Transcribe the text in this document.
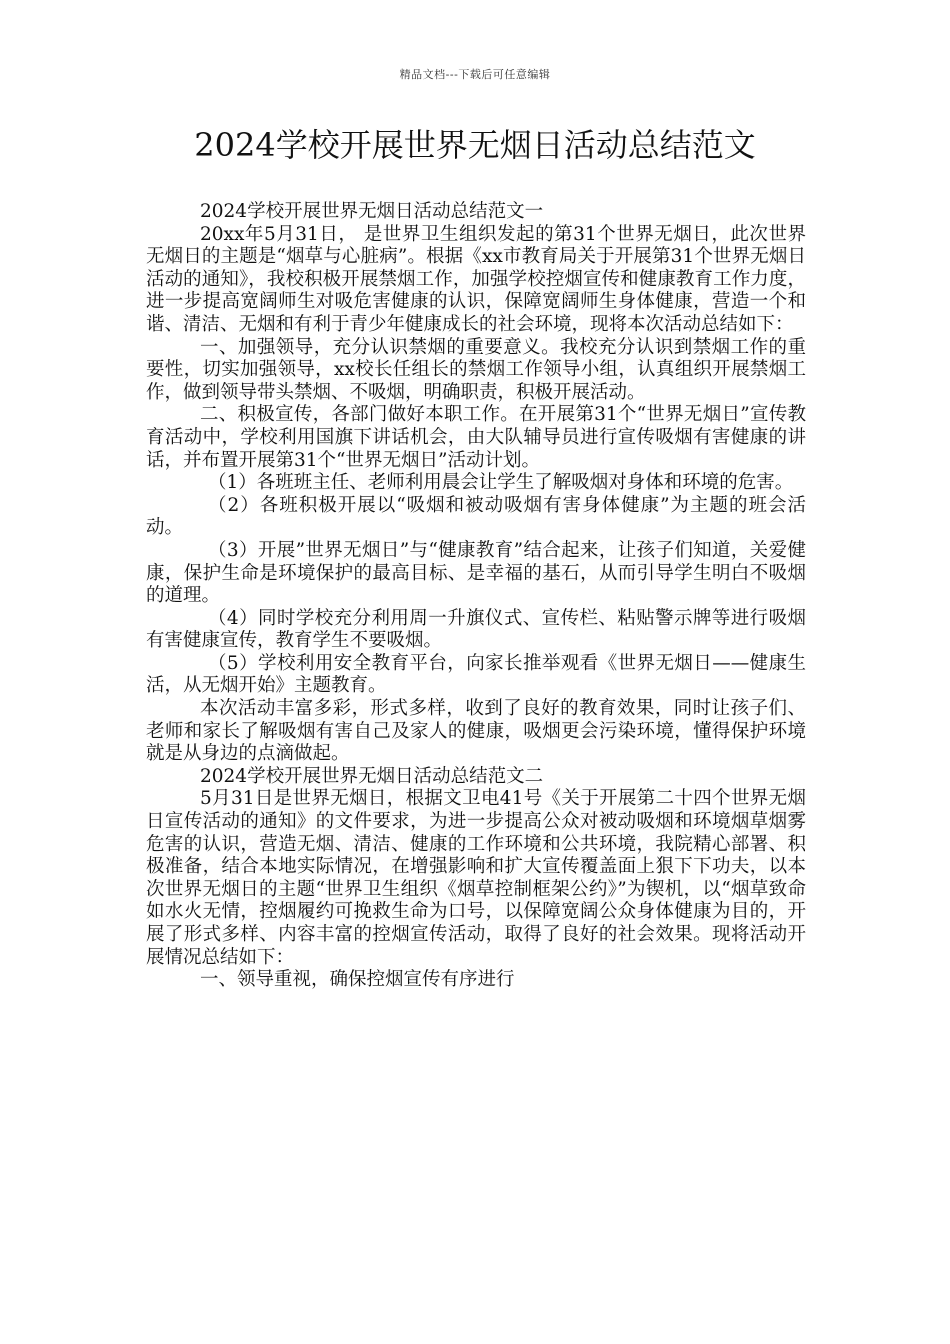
精品文档---下载后可任意编辑
2024学校开展世界无烟日活动总结范文

2024学校开展世界无烟日活动总结范文一

20xx年5月31日， 是世界卫生组织发起的第31个世界无烟日，此次世界无烟日的主题是“烟草与心脏病”。根据《xx市教育局关于开展第31个世界无烟日活动的通知》，我校积极开展禁烟工作，加强学校控烟宣传和健康教育工作力度，进一步提高宽阔师生对吸危害健康的认识，保障宽阔师生身体健康，营造一个和谐、清洁、无烟和有利于青少年健康成长的社会环境，现将本次活动总结如下：

一、加强领导，充分认识禁烟的重要意义。我校充分认识到禁烟工作的重要性，切实加强领导，xx校长任组长的禁烟工作领导小组，认真组织开展禁烟工作，做到领导带头禁烟、不吸烟，明确职责，积极开展活动。

二、积极宣传，各部门做好本职工作。在开展第31个“世界无烟日”宣传教育活动中，学校利用国旗下讲话机会，由大队辅导员进行宣传吸烟有害健康的讲话，并布置开展第31个“世界无烟日”活动计划。

（1）各班班主任、老师利用晨会让学生了解吸烟对身体和环境的危害。

（2）各班积极开展以“吸烟和被动吸烟有害身体健康”为主题的班会活动。

（3）开展”世界无烟日”与“健康教育”结合起来，让孩子们知道，关爱健康，保护生命是环境保护的最高目标、是幸福的基石，从而引导学生明白不吸烟的道理。

（4）同时学校充分利用周一升旗仪式、宣传栏、粘贴警示牌等进行吸烟有害健康宣传，教育学生不要吸烟。

（5）学校利用安全教育平台，向家长推举观看《世界无烟日——健康生活，从无烟开始》主题教育。

本次活动丰富多彩，形式多样，收到了良好的教育效果，同时让孩子们、老师和家长了解吸烟有害自己及家人的健康，吸烟更会污染环境，懂得保护环境就是从身边的点滴做起。

2024学校开展世界无烟日活动总结范文二

5月31日是世界无烟日，根据文卫电41号《关于开展第二十四个世界无烟日宣传活动的通知》的文件要求，为进一步提高公众对被动吸烟和环境烟草烟雾危害的认识，营造无烟、清洁、健康的工作环境和公共环境，我院精心部署、积极准备，结合本地实际情况，在增强影响和扩大宣传覆盖面上狠下下功夫，以本次世界无烟日的主题“世界卫生组织《烟草控制框架公约》”为锲机，以“烟草致命如水火无情，控烟履约可挽救生命为口号，以保障宽阔公众身体健康为目的，开展了形式多样、内容丰富的控烟宣传活动，取得了良好的社会效果。现将活动开展情况总结如下：

一、领导重视，确保控烟宣传有序进行
